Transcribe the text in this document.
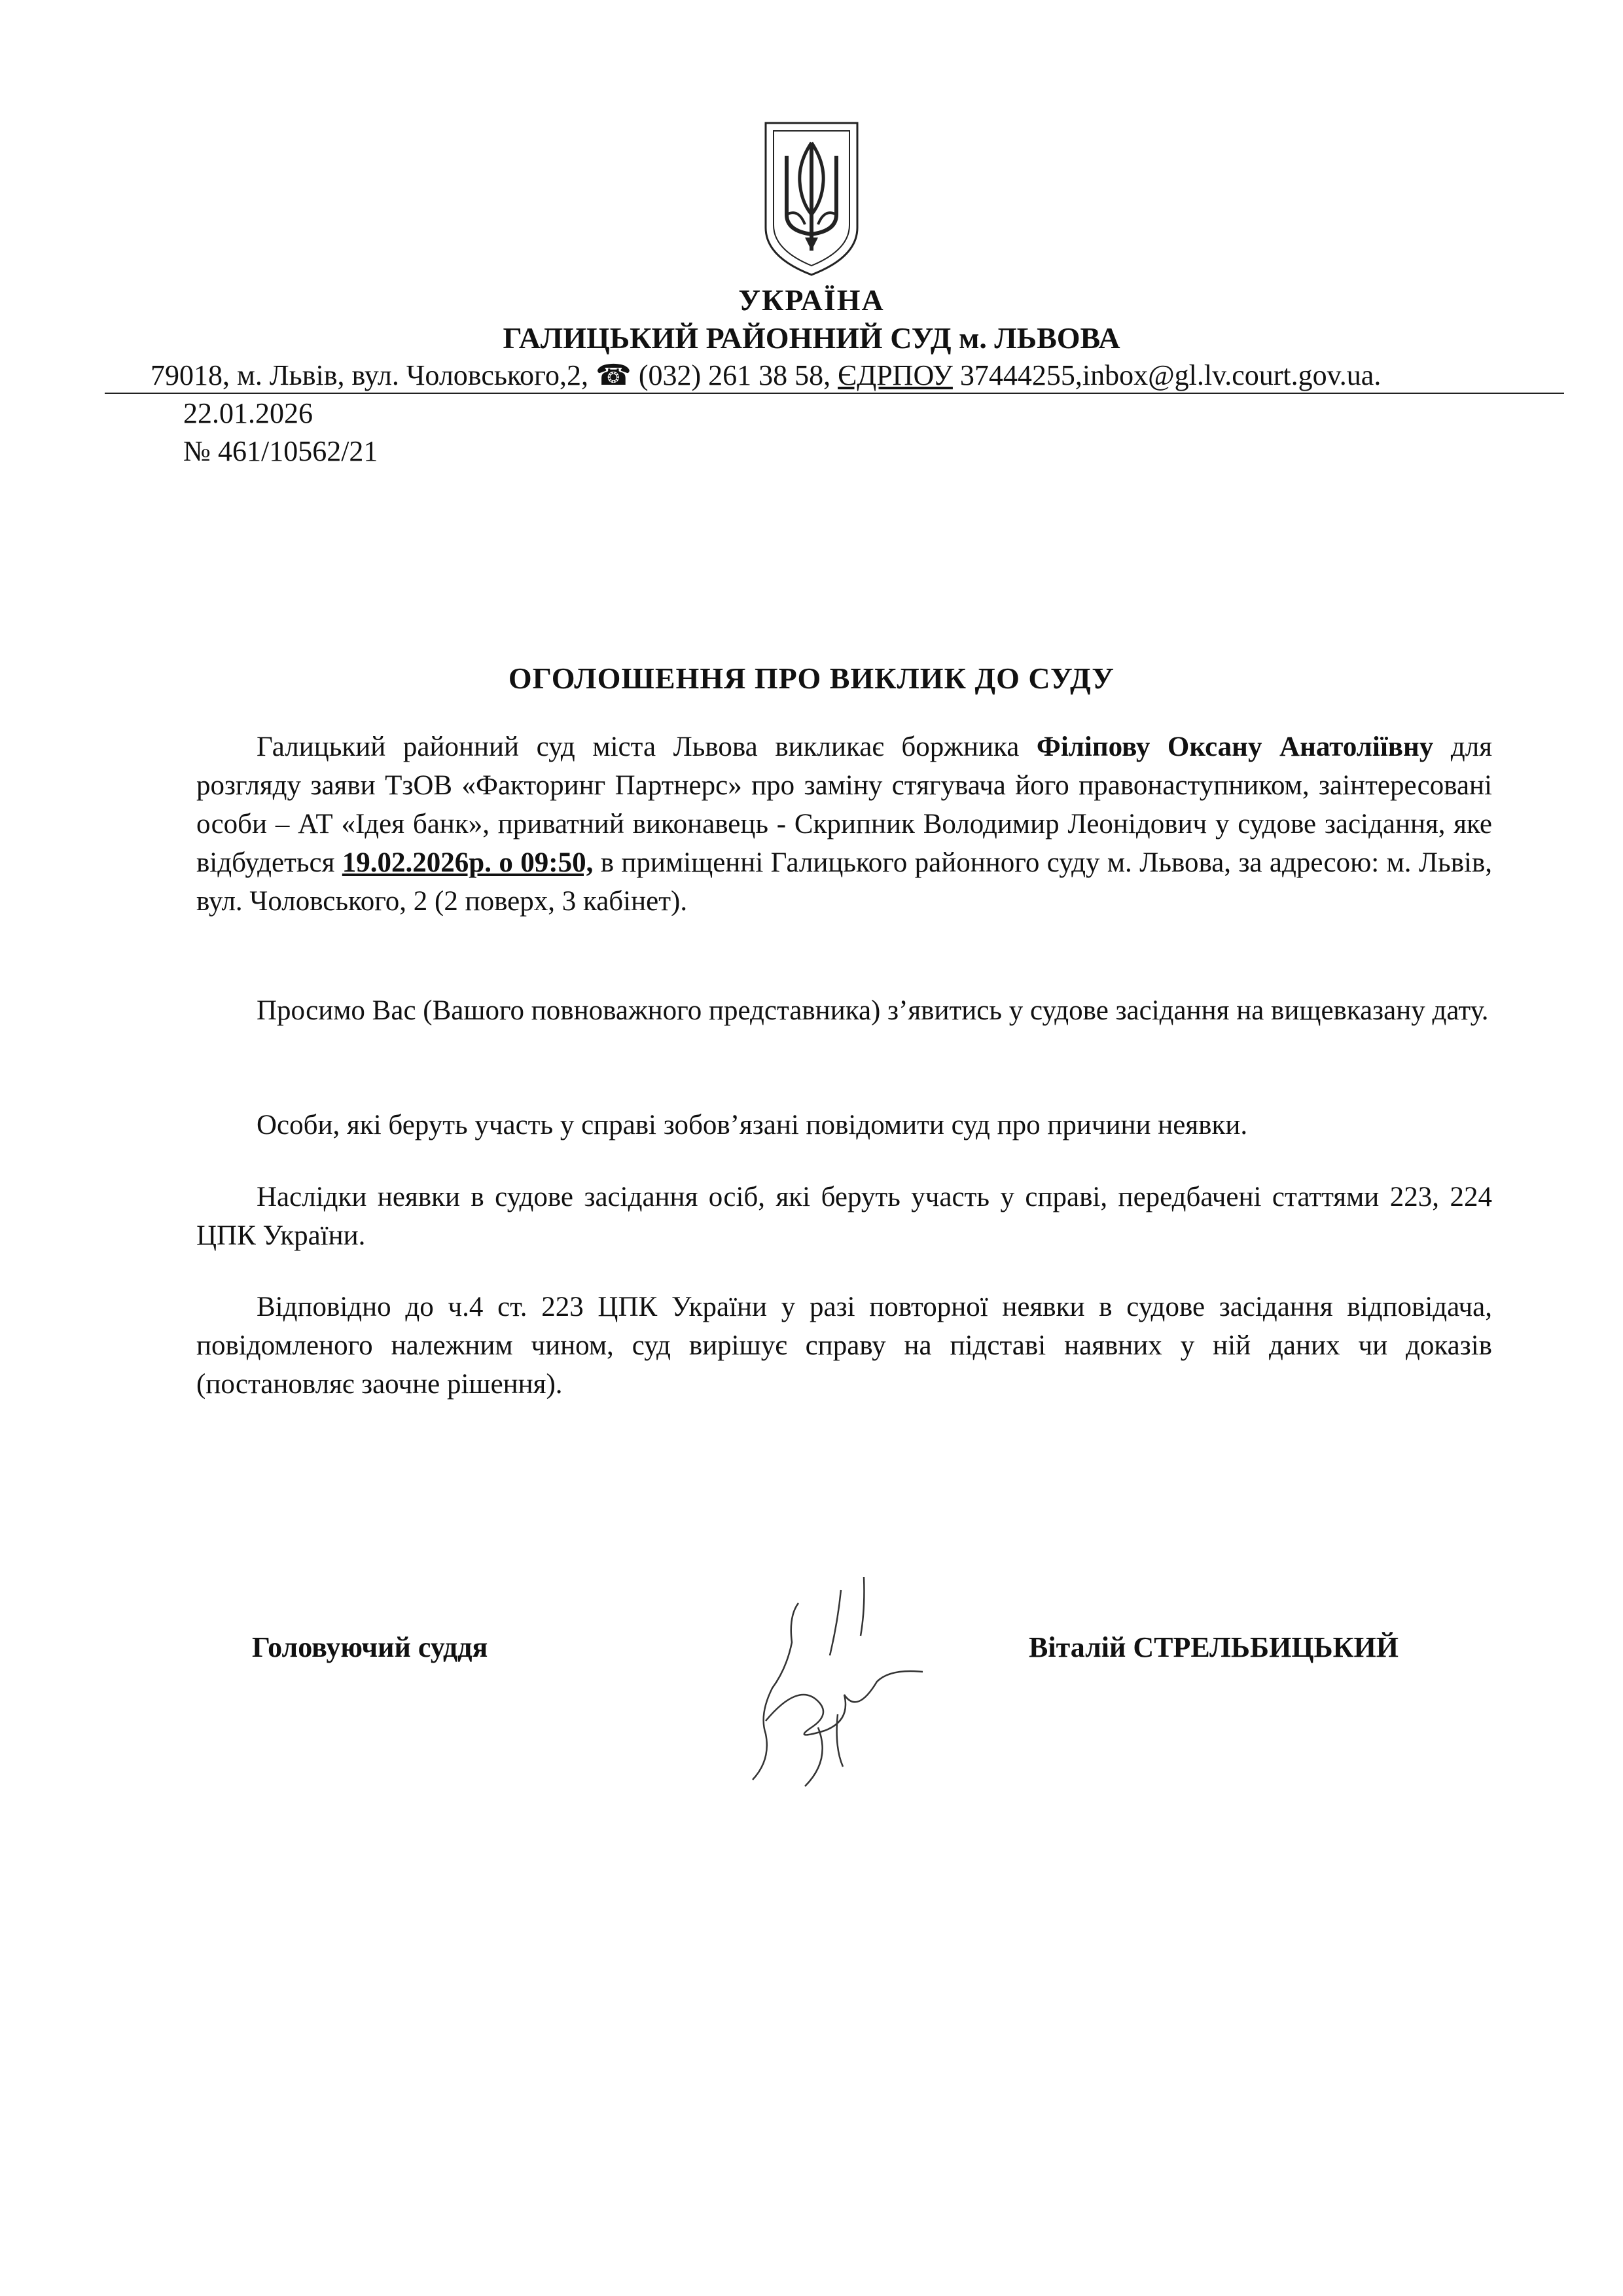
УКРАЇНА
ГАЛИЦЬКИЙ РАЙОННИЙ СУД м. ЛЬВОВА
79018, м. Львів, вул. Чоловського,2, ☎ (032) 261 38 58, ЄДРПОУ 37444255,inbox@gl.lv.court.gov.ua.
22.01.2026
№ 461/10562/21
ОГОЛОШЕННЯ ПРО ВИКЛИК ДО СУДУ
Галицький районний суд міста Львова викликає боржника Філіпову Оксану Анатоліївну для розгляду заяви ТзОВ «Факторинг Партнерс» про заміну стягувача його правонаступником, заінтересовані особи – АТ «Ідея банк», приватний виконавець - Скрипник Володимир Леонідович у судове засідання, яке відбудеться 19.02.2026р. о 09:50, в приміщенні Галицького районного суду м. Львова, за адресою: м. Львів, вул. Чоловського, 2 (2 поверх, 3 кабінет).
Просимо Вас (Вашого повноважного представника) з’явитись у судове засідання на вищевказану дату.
Особи, які беруть участь у справі зобов’язані повідомити суд про причини неявки.
Наслідки неявки в судове засідання осіб, які беруть участь у справі, передбачені статтями 223, 224 ЦПК України.
Відповідно до ч.4 ст. 223 ЦПК України у разі повторної неявки в судове засідання відповідача, повідомленого належним чином, суд вирішує справу на підставі наявних у ній даних чи доказів (постановляє заочне рішення).
Головуючий суддя	Віталій СТРЕЛЬБИЦЬКИЙ
